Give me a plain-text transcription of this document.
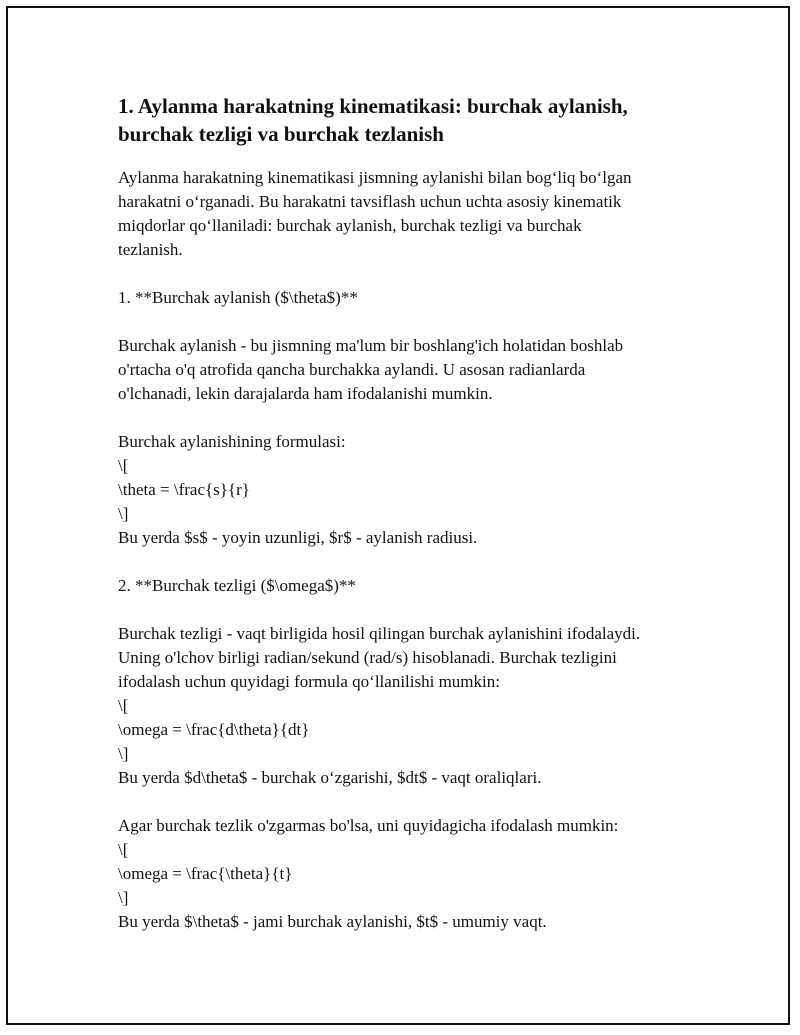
1. Aylanma harakatning kinematikasi: burchak aylanish,
burchak tezligi va burchak tezlanish
Aylanma harakatning kinematikasi jismning aylanishi bilan bog‘liq bo‘lgan
harakatni o‘rganadi. Bu harakatni tavsiflash uchun uchta asosiy kinematik
miqdorlar qo‘llaniladi: burchak aylanish, burchak tezligi va burchak
tezlanish.
1. **Burchak aylanish ($\theta$)**
Burchak aylanish - bu jismning ma'lum bir boshlang'ich holatidan boshlab
o'rtacha o'q atrofida qancha burchakka aylandi. U asosan radianlarda
o'lchanadi, lekin darajalarda ham ifodalanishi mumkin.
Burchak aylanishining formulasi:
\[
\theta = \frac{s}{r}
\]
Bu yerda $s$ - yoyin uzunligi, $r$ - aylanish radiusi.
2. **Burchak tezligi ($\omega$)**
Burchak tezligi - vaqt birligida hosil qilingan burchak aylanishini ifodalaydi.
Uning o'lchov birligi radian/sekund (rad/s) hisoblanadi. Burchak tezligini
ifodalash uchun quyidagi formula qo‘llanilishi mumkin:
\[
\omega = \frac{d\theta}{dt}
\]
Bu yerda $d\theta$ - burchak o‘zgarishi, $dt$ - vaqt oraliqlari.
Agar burchak tezlik o'zgarmas bo'lsa, uni quyidagicha ifodalash mumkin:
\[
\omega = \frac{\theta}{t}
\]
Bu yerda $\theta$ - jami burchak aylanishi, $t$ - umumiy vaqt.
